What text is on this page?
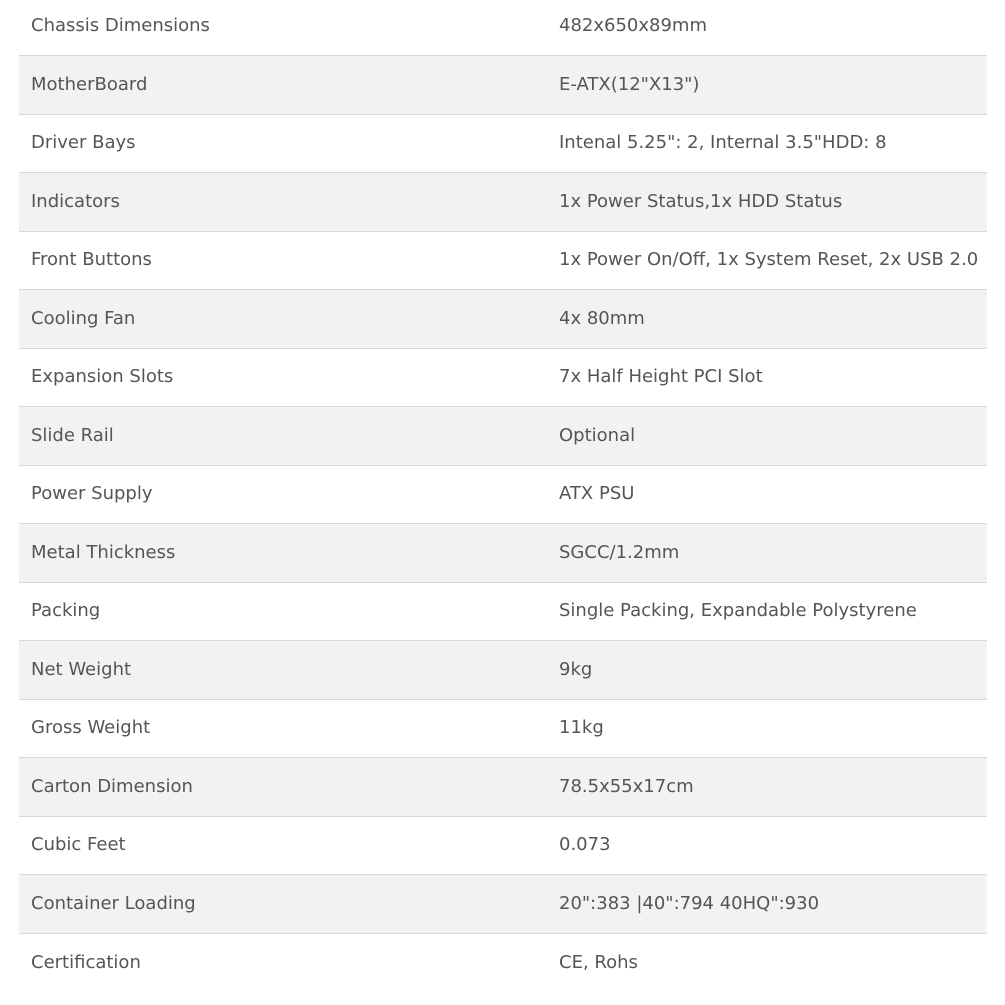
Chassis Dimensions	482x650x89mm
MotherBoard	E-ATX(12"X13")
Driver Bays	Intenal 5.25": 2, Internal 3.5"HDD: 8
Indicators	1x Power Status,1x HDD Status
Front Buttons	1x Power On/Off, 1x System Reset, 2x USB 2.0
Cooling Fan	4x 80mm
Expansion Slots	7x Half Height PCI Slot
Slide Rail	Optional
Power Supply	ATX PSU
Metal Thickness	SGCC/1.2mm
Packing	Single Packing, Expandable Polystyrene
Net Weight	9kg
Gross Weight	11kg
Carton Dimension	78.5x55x17cm
Cubic Feet	0.073
Container Loading	20":383 |40":794 40HQ":930
Certification	CE, Rohs
